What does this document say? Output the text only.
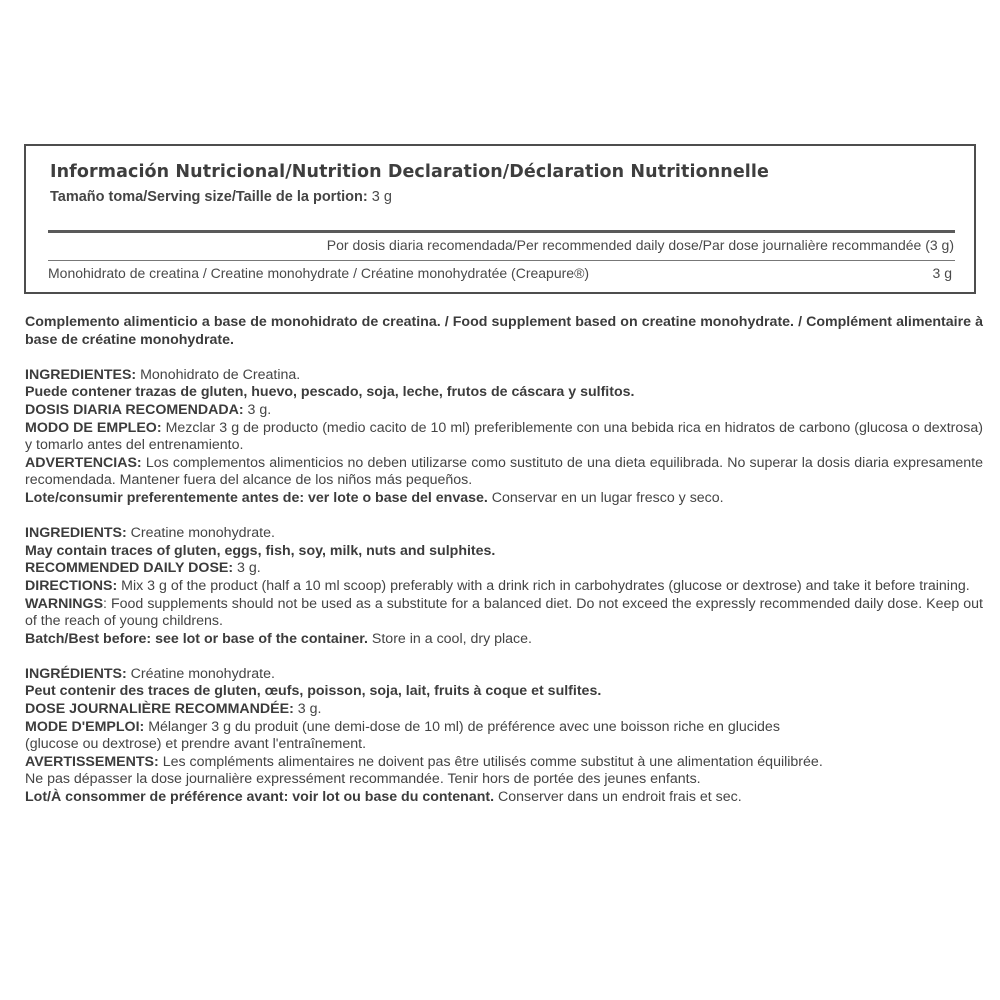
Información Nutricional/Nutrition Declaration/Déclaration Nutritionnelle
Tamaño toma/Serving size/Taille de la portion: 3 g
Por dosis diaria recomendada/Per recommended daily dose/Par dose journalière recommandée (3 g)
Monohidrato de creatina / Creatine monohydrate / Créatine monohydratée (Creapure®)	3 g

Complemento alimenticio a base de monohidrato de creatina. / Food supplement based on creatine monohydrate. / Complément alimentaire à base de créatine monohydrate.

INGREDIENTES: Monohidrato de Creatina.

Puede contener trazas de gluten, huevo, pescado, soja, leche, frutos de cáscara y sulfitos.

DOSIS DIARIA RECOMENDADA: 3 g.

MODO DE EMPLEO: Mezclar 3 g de producto (medio cacito de 10 ml) preferiblemente con una bebida rica en hidratos de carbono (glucosa o dextrosa) y tomarlo antes del entrenamiento.

ADVERTENCIAS: Los complementos alimenticios no deben utilizarse como sustituto de una dieta equilibrada. No superar la dosis diaria expresamente recomendada. Mantener fuera del alcance de los niños más pequeños.

Lote/consumir preferentemente antes de: ver lote o base del envase. Conservar en un lugar fresco y seco.

INGREDIENTS: Creatine monohydrate.

May contain traces of gluten, eggs, fish, soy, milk, nuts and sulphites.

RECOMMENDED DAILY DOSE: 3 g.

DIRECTIONS: Mix 3 g of the product (half a 10 ml scoop) preferably with a drink rich in carbohydrates (glucose or dextrose) and take it before training.

WARNINGS: Food supplements should not be used as a substitute for a balanced diet. Do not exceed the expressly recommended daily dose. Keep out of the reach of young childrens.

Batch/Best before: see lot or base of the container. Store in a cool, dry place.

INGRÉDIENTS: Créatine monohydrate.

Peut contenir des traces de gluten, œufs, poisson, soja, lait, fruits à coque et sulfites.

DOSE JOURNALIÈRE RECOMMANDÉE: 3 g.

MODE D'EMPLOI: Mélanger 3 g du produit (une demi-dose de 10 ml) de préférence avec une boisson riche en glucides

(glucose ou dextrose) et prendre avant l'entraînement.

AVERTISSEMENTS: Les compléments alimentaires ne doivent pas être utilisés comme substitut à une alimentation équilibrée.

Ne pas dépasser la dose journalière expressément recommandée. Tenir hors de portée des jeunes enfants.

Lot/À consommer de préférence avant: voir lot ou base du contenant. Conserver dans un endroit frais et sec.
